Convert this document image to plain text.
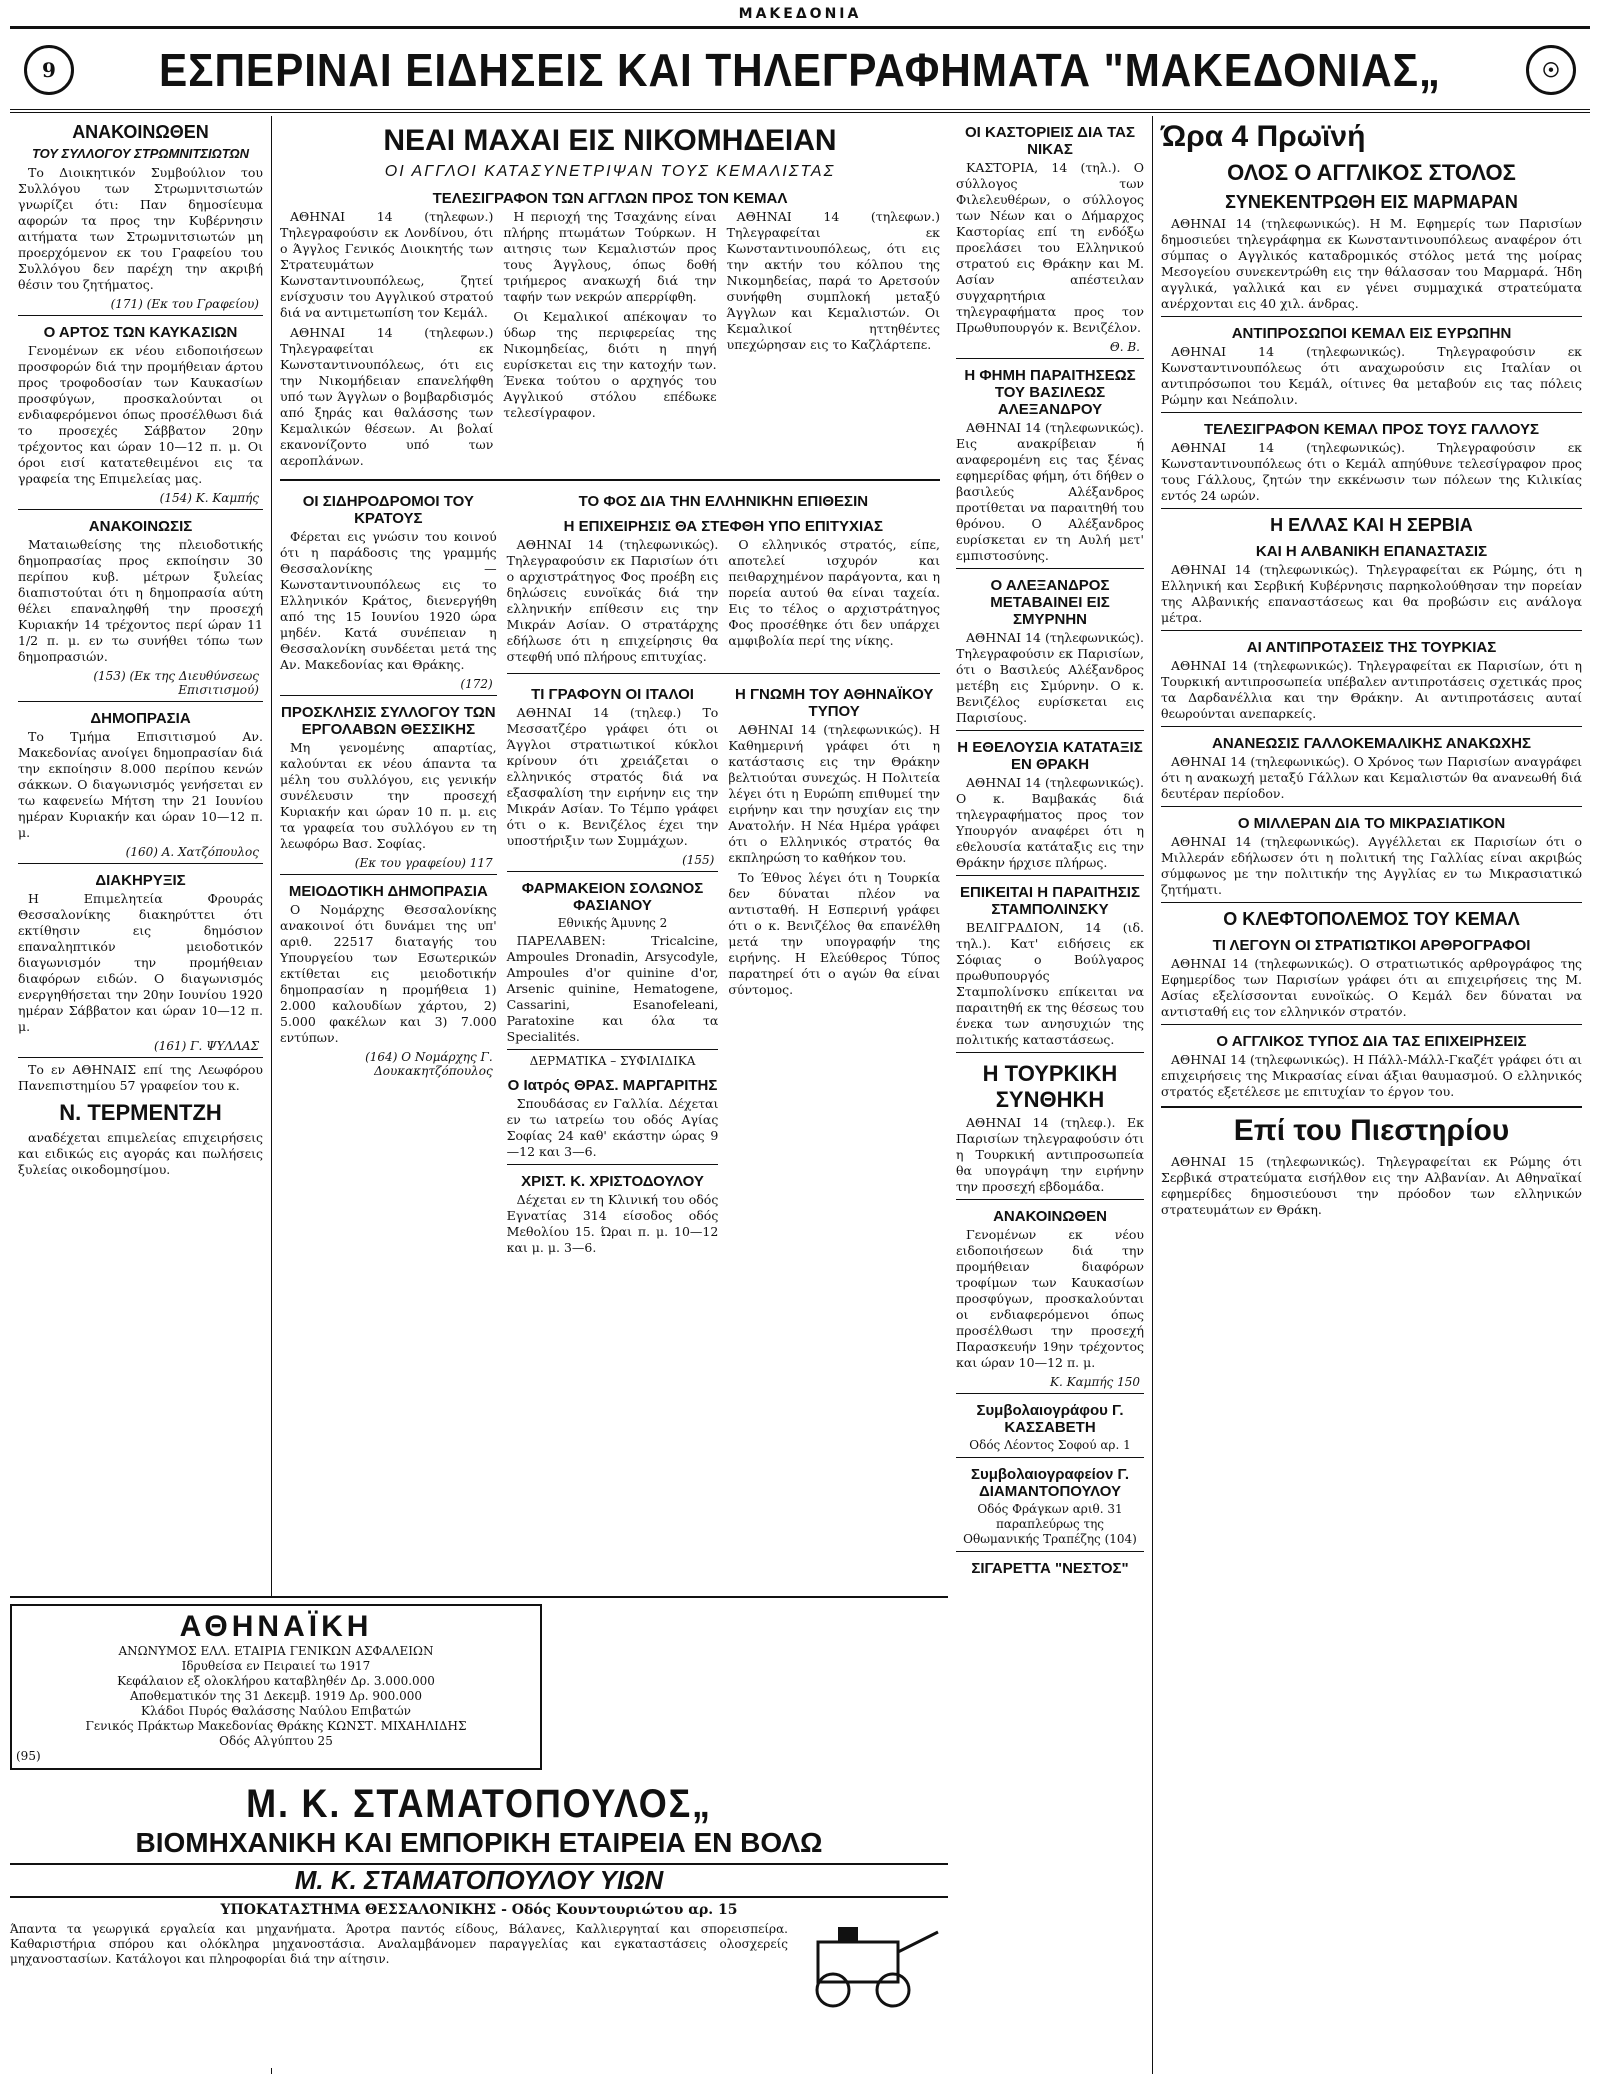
ΜΑΚΕΔΟΝΙΑ
9	ΕΣΠΕΡΙΝΑΙ ΕΙΔΗΣΕΙΣ ΚΑΙ ΤΗΛΕΓΡΑΦΗΜΑΤΑ "ΜΑΚΕΔΟΝΙΑΣ„	☉
ΑΝΑΚΟΙΝΩΘΕΝ
ΤΟΥ ΣΥΛΛΟΓΟΥ ΣΤΡΩΜΝΙΤΣΙΩΤΩΝ

Το Διοικητικόν Συμβούλιον του Συλλόγου των Στρωμνιτσιωτών γνωρίζει ότι: Παν δημοσίευμα αφορών τα προς την Κυβέρνησιν αιτήματα των Στρωμνιτσιωτών μη προερχόμενον εκ του Γραφείου του Συλλόγου δεν παρέχη την ακριβή θέσιν του ζητήματος.

(171) (Εκ του Γραφείου)
Ο ΑΡΤΟΣ ΤΩΝ ΚΑΥΚΑΣΙΩΝ

Γενομένων εκ νέου ειδοποιήσεων προσφορών διά την προμήθειαν άρτου προς τροφοδοσίαν των Καυκασίων προσφύγων, προσκαλούνται οι ενδιαφερόμενοι όπως προσέλθωσι διά το προσεχές Σάββατον 20ην τρέχοντος και ώραν 10—12 π. μ. Οι όροι εισί κατατεθειμένοι εις τα γραφεία της Επιμελείας μας.

(154) Κ. Καμπής
ΑΝΑΚΟΙΝΩΣΙΣ

Ματαιωθείσης της πλειοδοτικής δημοπρασίας προς εκποίησιν 30 περίπου κυβ. μέτρων ξυλείας διαπιστούται ότι η δημοπρασία αύτη θέλει επαναληφθή την προσεχή Κυριακήν 14 τρέχοντος περί ώραν 11 1/2 π. μ. εν τω συνήθει τόπω των δημοπρασιών.

(153) (Εκ της Διευθύνσεως Επισιτισμού)
ΔΗΜΟΠΡΑΣΙΑ

Το Τμήμα Επισιτισμού Αν. Μακεδονίας ανοίγει δημοπρασίαν διά την εκποίησιν 8.000 περίπου κενών σάκκων. Ο διαγωνισμός γενήσεται εν τω καφενείω Μήτση την 21 Ιουνίου ημέραν Κυριακήν και ώραν 10—12 π. μ.

(160) Α. Χατζόπουλος
ΔΙΑΚΗΡΥΞΙΣ

Η Επιμελητεία Φρουράς Θεσσαλονίκης διακηρύττει ότι εκτίθησιν εις δημόσιον επαναληπτικόν μειοδοτικόν διαγωνισμόν την προμήθειαν διαφόρων ειδών. Ο διαγωνισμός ενεργηθήσεται την 20ην Ιουνίου 1920 ημέραν Σάββατον και ώραν 10—12 π. μ.

(161) Γ. ΨΥΛΛΑΣ

Το εν ΑΘΗΝΑΙΣ επί της Λεωφόρου Πανεπιστημίου 57 γραφείον του κ.

Ν. ΤΕΡΜΕΝΤΖΗ

αναδέχεται επιμελείας επιχειρήσεις και ειδικώς εις αγοράς και πωλήσεις ξυλείας οικοδομησίμου.

ΝΕΑΙ ΜΑΧΑΙ ΕΙΣ ΝΙΚΟΜΗΔΕΙΑΝ
ΟΙ ΑΓΓΛΟΙ ΚΑΤΑΣΥΝΕΤΡΙΨΑΝ ΤΟΥΣ ΚΕΜΑΛΙΣΤΑΣ
ΤΕΛΕΣΙΓΡΑΦΟΝ ΤΩΝ ΑΓΓΛΩΝ ΠΡΟΣ ΤΟΝ ΚΕΜΑΛ

ΑΘΗΝΑΙ 14 (τηλεφων.) Τηλεγραφούσιν εκ Λονδίνου, ότι ο Άγγλος Γενικός Διοικητής των Στρατευμάτων Κωνσταντινουπόλεως, ζητεί ενίσχυσιν του Αγγλικού στρατού διά να αντιμετωπίση τον Κεμάλ.

ΑΘΗΝΑΙ 14 (τηλεφων.) Τηλεγραφείται εκ Κωνσταντινουπόλεως, ότι εις την Νικομήδειαν επανελήφθη υπό των Άγγλων ο βομβαρδισμός από ξηράς και θαλάσσης των Κεμαλικών θέσεων. Αι βολαί εκανονίζοντο υπό των αεροπλάνων.

Η περιοχή της Τσαχάνης είναι πλήρης πτωμάτων Τούρκων. Η αιτησις των Κεμαλιστών προς τους Άγγλους, όπως δοθή τριήμερος ανακωχή διά την ταφήν των νεκρών απερρίφθη.

Οι Κεμαλικοί απέκοψαν το ύδωρ της περιφερείας της Νικομηδείας, διότι η πηγή ευρίσκεται εις την κατοχήν των. Ένεκα τούτου ο αρχηγός του Αγγλικού στόλου επέδωκε τελεσίγραφον.

ΑΘΗΝΑΙ 14 (τηλεφων.) Τηλεγραφείται εκ Κωνσταντινουπόλεως, ότι εις την ακτήν του κόλπου της Νικομηδείας, παρά το Αρετσούν συνήφθη συμπλοκή μεταξύ Άγγλων και Κεμαλιστών. Οι Κεμαλικοί ηττηθέντες υπεχώρησαν εις το Καζλάρτεπε.

ΟΙ ΣΙΔΗΡΟΔΡΟΜΟΙ ΤΟΥ ΚΡΑΤΟΥΣ

Φέρεται εις γνώσιν του κοινού ότι η παράδοσις της γραμμής Θεσσαλονίκης — Κωνσταντινουπόλεως εις το Ελληνικόν Κράτος, διενεργήθη από της 15 Ιουνίου 1920 ώρα μηδέν. Κατά συνέπειαν η Θεσσαλονίκη συνδέεται μετά της Αν. Μακεδονίας και Θράκης.

(172)
ΠΡΟΣΚΛΗΣΙΣ ΣΥΛΛΟΓΟΥ ΤΩΝ ΕΡΓΟΛΑΒΩΝ ΘΕΣΣΙΚΗΣ

Μη γενομένης απαρτίας, καλούνται εκ νέου άπαντα τα μέλη του συλλόγου, εις γενικήν συνέλευσιν την προσεχή Κυριακήν και ώραν 10 π. μ. εις τα γραφεία του συλλόγου εν τη λεωφόρω Βασ. Σοφίας.

(Εκ του γραφείου) 117
ΜΕΙΟΔΟΤΙΚΗ ΔΗΜΟΠΡΑΣΙΑ

Ο Νομάρχης Θεσσαλονίκης ανακοινοί ότι δυνάμει της υπ' αριθ. 22517 διαταγής του Υπουργείου των Εσωτερικών εκτίθεται εις μειοδοτικήν δημοπρασίαν η προμήθεια 1) 2.000 καλουδίων χάρτου, 2) 5.000 φακέλων και 3) 7.000 εντύπων.

(164) Ο Νομάρχης Γ. Δουκακητζόπουλος
ΤΟ ΦΟΣ ΔΙΑ ΤΗΝ ΕΛΛΗΝΙΚΗΝ ΕΠΙΘΕΣΙΝ
Η ΕΠΙΧΕΙΡΗΣΙΣ ΘΑ ΣΤΕΦΘΗ ΥΠΟ ΕΠΙΤΥΧΙΑΣ

ΑΘΗΝΑΙ 14 (τηλεφωνικώς). Τηλεγραφούσιν εκ Παρισίων ότι ο αρχιστράτηγος Φος προέβη εις δηλώσεις ευνοϊκάς διά την ελληνικήν επίθεσιν εις την Μικράν Ασίαν. Ο στρατάρχης εδήλωσε ότι η επιχείρησις θα στεφθή υπό πλήρους επιτυχίας.

Ο ελληνικός στρατός, είπε, αποτελεί ισχυρόν και πειθαρχημένον παράγοντα, και η πορεία αυτού θα είναι ταχεία. Εις το τέλος ο αρχιστράτηγος Φος προσέθηκε ότι δεν υπάρχει αμφιβολία περί της νίκης.

ΤΙ ΓΡΑΦΟΥΝ ΟΙ ΙΤΑΛΟΙ

ΑΘΗΝΑΙ 14 (τηλεφ.) Το Μεσσατζέρο γράφει ότι οι Άγγλοι στρατιωτικοί κύκλοι κρίνουν ότι χρειάζεται ο ελληνικός στρατός διά να εξασφαλίση την ειρήνην εις την Μικράν Ασίαν. Το Τέμπο γράφει ότι ο κ. Βενιζέλος έχει την υποστήριξιν των Συμμάχων.

(155)
ΦΑΡΜΑΚΕΙΟΝ ΣΟΛΩΝΟΣ ΦΑΣΙΑΝΟΥ
Εθνικής Άμυνης 2

ΠΑΡΕΛΑΒΕΝ: Tricalcine, Ampoules Dronadin, Arsycodyle, Ampoules d'or quinine d'or, Arsenic quinine, Hematogene, Cassarini, Esanofeleani, Paratoxine και όλα τα Specialités.

ΔΕΡΜΑΤΙΚΑ – ΣΥΦΙΛΙΔΙΚΑ
Ο Ιατρός ΘΡΑΣ. ΜΑΡΓΑΡΙΤΗΣ

Σπουδάσας εν Γαλλία. Δέχεται εν τω ιατρείω του οδός Αγίας Σοφίας 24 καθ' εκάστην ώρας 9—12 και 3—6.

ΧΡΙΣΤ. Κ. ΧΡΙΣΤΟΔΟΥΛΟΥ

Δέχεται εν τη Κλινική του οδός Εγνατίας 314 είσοδος οδός Μεθολίου 15. Ώραι π. μ. 10—12 και μ. μ. 3—6.

Η ΓΝΩΜΗ ΤΟΥ ΑΘΗΝΑΪΚΟΥ ΤΥΠΟΥ

ΑΘΗΝΑΙ 14 (τηλεφωνικώς). Η Καθημερινή γράφει ότι η κατάστασις εις την Θράκην βελτιούται συνεχώς. Η Πολιτεία λέγει ότι η Ευρώπη επιθυμεί την ειρήνην και την ησυχίαν εις την Ανατολήν. Η Νέα Ημέρα γράφει ότι ο Ελληνικός στρατός θα εκπληρώση το καθήκον του.

Το Έθνος λέγει ότι η Τουρκία δεν δύναται πλέον να αντισταθή. Η Εσπερινή γράφει ότι ο κ. Βενιζέλος θα επανέλθη μετά την υπογραφήν της ειρήνης. Η Ελεύθερος Τύπος παρατηρεί ότι ο αγών θα είναι σύντομος.

ΟΙ ΚΑΣΤΟΡΙΕΙΣ ΔΙΑ ΤΑΣ ΝΙΚΑΣ

ΚΑΣΤΟΡΙΑ, 14 (τηλ.). Ο σύλλογος των Φιλελευθέρων, ο σύλλογος των Νέων και ο Δήμαρχος Καστορίας επί τη ενδόξω προελάσει του Ελληνικού στρατού εις Θράκην και Μ. Ασίαν απέστειλαν συγχαρητήρια τηλεγραφήματα προς τον Πρωθυπουργόν κ. Βενιζέλον.

Θ. Β.
Η ΦΗΜΗ ΠΑΡΑΙΤΗΣΕΩΣ ΤΟΥ ΒΑΣΙΛΕΩΣ ΑΛΕΞΑΝΔΡΟΥ

ΑΘΗΝΑΙ 14 (τηλεφωνικώς). Εις ανακρίβειαν ή αναφερομένη εις τας ξένας εφημερίδας φήμη, ότι δήθεν ο βασιλεύς Αλέξανδρος προτίθεται να παραιτηθή του θρόνου. Ο Αλέξανδρος ευρίσκεται εν τη Αυλή μετ' εμπιστοσύνης.

Ο ΑΛΕΞΑΝΔΡΟΣ ΜΕΤΑΒΑΙΝΕΙ ΕΙΣ ΣΜΥΡΝΗΝ

ΑΘΗΝΑΙ 14 (τηλεφωνικώς). Τηλεγραφούσιν εκ Παρισίων, ότι ο Βασιλεύς Αλέξανδρος μετέβη εις Σμύρνην. Ο κ. Βενιζέλος ευρίσκεται εις Παρισίους.

Η ΕΘΕΛΟΥΣΙΑ ΚΑΤΑΤΑΞΙΣ ΕΝ ΘΡΑΚΗ

ΑΘΗΝΑΙ 14 (τηλεφωνικώς). Ο κ. Βαμβακάς διά τηλεγραφήματος προς τον Υπουργόν αναφέρει ότι η εθελουσία κατάταξις εις την Θράκην ήρχισε πλήρως.

ΕΠΙΚΕΙΤΑΙ Η ΠΑΡΑΙΤΗΣΙΣ ΣΤΑΜΠΟΛΙΝΣΚΥ

ΒΕΛΙΓΡΑΔΙΟΝ, 14 (ιδ. τηλ.). Κατ' ειδήσεις εκ Σόφιας ο Βούλγαρος πρωθυπουργός Σταμπολίνσκυ επίκειται να παραιτηθή εκ της θέσεως του ένεκα των ανησυχιών της πολιτικής καταστάσεως.

Η ΤΟΥΡΚΙΚΗ ΣΥΝΘΗΚΗ

ΑΘΗΝΑΙ 14 (τηλεφ.). Εκ Παρισίων τηλεγραφούσιν ότι η Τουρκική αντιπροσωπεία θα υπογράψη την ειρήνην την προσεχή εβδομάδα.

ΑΝΑΚΟΙΝΩΘΕΝ

Γενομένων εκ νέου ειδοποιήσεων διά την προμήθειαν διαφόρων τροφίμων των Καυκασίων προσφύγων, προσκαλούνται οι ενδιαφερόμενοι όπως προσέλθωσι την προσεχή Παρασκευήν 19ην τρέχοντος και ώραν 10—12 π. μ.

Κ. Καμπής 150
Συμβολαιογράφου Γ. ΚΑΣΣΑΒΕΤΗ
Οδός Λέοντος Σοφού αρ. 1
Συμβολαιογραφείον Γ. ΔΙΑΜΑΝΤΟΠΟΥΛΟΥ
Οδός Φράγκων αριθ. 31 παραπλεύρως της Οθωμανικής Τραπέζης (104)
ΣΙΓΑΡΕΤΤΑ "ΝΕΣΤΟΣ"
Ώρα 4 Πρωϊνή
ΟΛΟΣ Ο ΑΓΓΛΙΚΟΣ ΣΤΟΛΟΣ
ΣΥΝΕΚΕΝΤΡΩΘΗ ΕΙΣ ΜΑΡΜΑΡΑΝ

ΑΘΗΝΑΙ 14 (τηλεφωνικώς). Η Μ. Εφημερίς των Παρισίων δημοσιεύει τηλεγράφημα εκ Κωνσταντινουπόλεως αναφέρον ότι σύμπας ο Αγγλικός καταδρομικός στόλος μετά της μοίρας Μεσογείου συνεκεντρώθη εις την θάλασσαν του Μαρμαρά. Ήδη αγγλικά, γαλλικά και εν γένει συμμαχικά στρατεύματα ανέρχονται εις 40 χιλ. άνδρας.

ΑΝΤΙΠΡΟΣΩΠΟΙ ΚΕΜΑΛ ΕΙΣ ΕΥΡΩΠΗΝ

ΑΘΗΝΑΙ 14 (τηλεφωνικώς). Τηλεγραφούσιν εκ Κωνσταντινουπόλεως ότι αναχωρούσιν εις Ιταλίαν οι αντιπρόσωποι του Κεμάλ, οίτινες θα μεταβούν εις τας πόλεις Ρώμην και Νεάπολιν.

ΤΕΛΕΣΙΓΡΑΦΟΝ ΚΕΜΑΛ ΠΡΟΣ ΤΟΥΣ ΓΑΛΛΟΥΣ

ΑΘΗΝΑΙ 14 (τηλεφωνικώς). Τηλεγραφούσιν εκ Κωνσταντινουπόλεως ότι ο Κεμάλ απηύθυνε τελεσίγραφον προς τους Γάλλους, ζητών την εκκένωσιν των πόλεων της Κιλικίας εντός 24 ωρών.

Η ΕΛΛΑΣ ΚΑΙ Η ΣΕΡΒΙΑ
ΚΑΙ Η ΑΛΒΑΝΙΚΗ ΕΠΑΝΑΣΤΑΣΙΣ

ΑΘΗΝΑΙ 14 (τηλεφωνικώς). Τηλεγραφείται εκ Ρώμης, ότι η Ελληνική και Σερβική Κυβέρνησις παρηκολούθησαν την πορείαν της Αλβανικής επαναστάσεως και θα προβώσιν εις ανάλογα μέτρα.

ΑΙ ΑΝΤΙΠΡΟΤΑΣΕΙΣ ΤΗΣ ΤΟΥΡΚΙΑΣ

ΑΘΗΝΑΙ 14 (τηλεφωνικώς). Τηλεγραφείται εκ Παρισίων, ότι η Τουρκική αντιπροσωπεία υπέβαλεν αντιπροτάσεις σχετικάς προς τα Δαρδανέλλια και την Θράκην. Αι αντιπροτάσεις αυταί θεωρούνται ανεπαρκείς.

ΑΝΑΝΕΩΣΙΣ ΓΑΛΛΟΚΕΜΑΛΙΚΗΣ ΑΝΑΚΩΧΗΣ

ΑΘΗΝΑΙ 14 (τηλεφωνικώς). Ο Χρόνος των Παρισίων αναγράφει ότι η ανακωχή μεταξύ Γάλλων και Κεμαλιστών θα ανανεωθή διά δευτέραν περίοδον.

Ο ΜΙΛΛΕΡΑΝ ΔΙΑ ΤΟ ΜΙΚΡΑΣΙΑΤΙΚΟΝ

ΑΘΗΝΑΙ 14 (τηλεφωνικώς). Αγγέλλεται εκ Παρισίων ότι ο Μιλλεράν εδήλωσεν ότι η πολιτική της Γαλλίας είναι ακριβώς σύμφωνος με την πολιτικήν της Αγγλίας εν τω Μικρασιατικώ ζητήματι.

Ο ΚΛΕΦΤΟΠΟΛΕΜΟΣ ΤΟΥ ΚΕΜΑΛ
ΤΙ ΛΕΓΟΥΝ ΟΙ ΣΤΡΑΤΙΩΤΙΚΟΙ ΑΡΘΡΟΓΡΑΦΟΙ

ΑΘΗΝΑΙ 14 (τηλεφωνικώς). Ο στρατιωτικός αρθρογράφος της Εφημερίδος των Παρισίων γράφει ότι αι επιχειρήσεις της Μ. Ασίας εξελίσσονται ευνοϊκώς. Ο Κεμάλ δεν δύναται να αντισταθή εις τον ελληνικόν στρατόν.

Ο ΑΓΓΛΙΚΟΣ ΤΥΠΟΣ ΔΙΑ ΤΑΣ ΕΠΙΧΕΙΡΗΣΕΙΣ

ΑΘΗΝΑΙ 14 (τηλεφωνικώς). Η Πάλλ-Μάλλ-Γκαζέτ γράφει ότι αι επιχειρήσεις της Μικρασίας είναι άξιαι θαυμασμού. Ο ελληνικός στρατός εξετέλεσε με επιτυχίαν το έργον του.

Επί του Πιεστηρίου

ΑΘΗΝΑΙ 15 (τηλεφωνικώς). Τηλεγραφείται εκ Ρώμης ότι Σερβικά στρατεύματα εισήλθον εις την Αλβανίαν. Αι Αθηναϊκαί εφημερίδες δημοσιεύουσι την πρόοδον των ελληνικών στρατευμάτων εν Θράκη.

ΑΘΗΝΑΪΚΗ
ΑΝΩΝΥΜΟΣ ΕΛΛ. ΕΤΑΙΡΙΑ ΓΕΝΙΚΩΝ ΑΣΦΑΛΕΙΩΝ
Ιδρυθείσα εν Πειραιεί τω 1917
Κεφάλαιον εξ ολοκλήρου καταβληθέν Δρ. 3.000.000
Αποθεματικόν της 31 Δεκεμβ. 1919 Δρ. 900.000
Κλάδοι Πυρός Θαλάσσης Ναύλου Επιβατών
Γενικός Πράκτωρ Μακεδονίας Θράκης ΚΩΝΣΤ. ΜΙΧΑΗΛΙΔΗΣ
Οδός Αλγύπτου 25
(95)
Μ. Κ. ΣΤΑΜΑΤΟΠΟΥΛΟΣ„
ΒΙΟΜΗΧΑΝΙΚΗ ΚΑΙ ΕΜΠΟΡΙΚΗ ΕΤΑΙΡΕΙΑ ΕΝ ΒΟΛΩ
Μ. Κ. ΣΤΑΜΑΤΟΠΟΥΛΟΥ ΥΙΩΝ
ΥΠΟΚΑΤΑΣΤΗΜΑ ΘΕΣΣΑΛΟΝΙΚΗΣ - Οδός Κουντουριώτου αρ. 15
Άπαντα τα γεωργικά εργαλεία και μηχανήματα. Άροτρα παντός είδους, Βάλανες, Καλλιεργηταί και σπορεισπείρα. Καθαριστήρια σπόρου και ολόκληρα μηχανοστάσια. Αναλαμβάνομεν παραγγελίας και εγκαταστάσεις ολοσχερείς μηχανοστασίων. Κατάλογοι και πληροφορίαι διά την αίτησιν.
